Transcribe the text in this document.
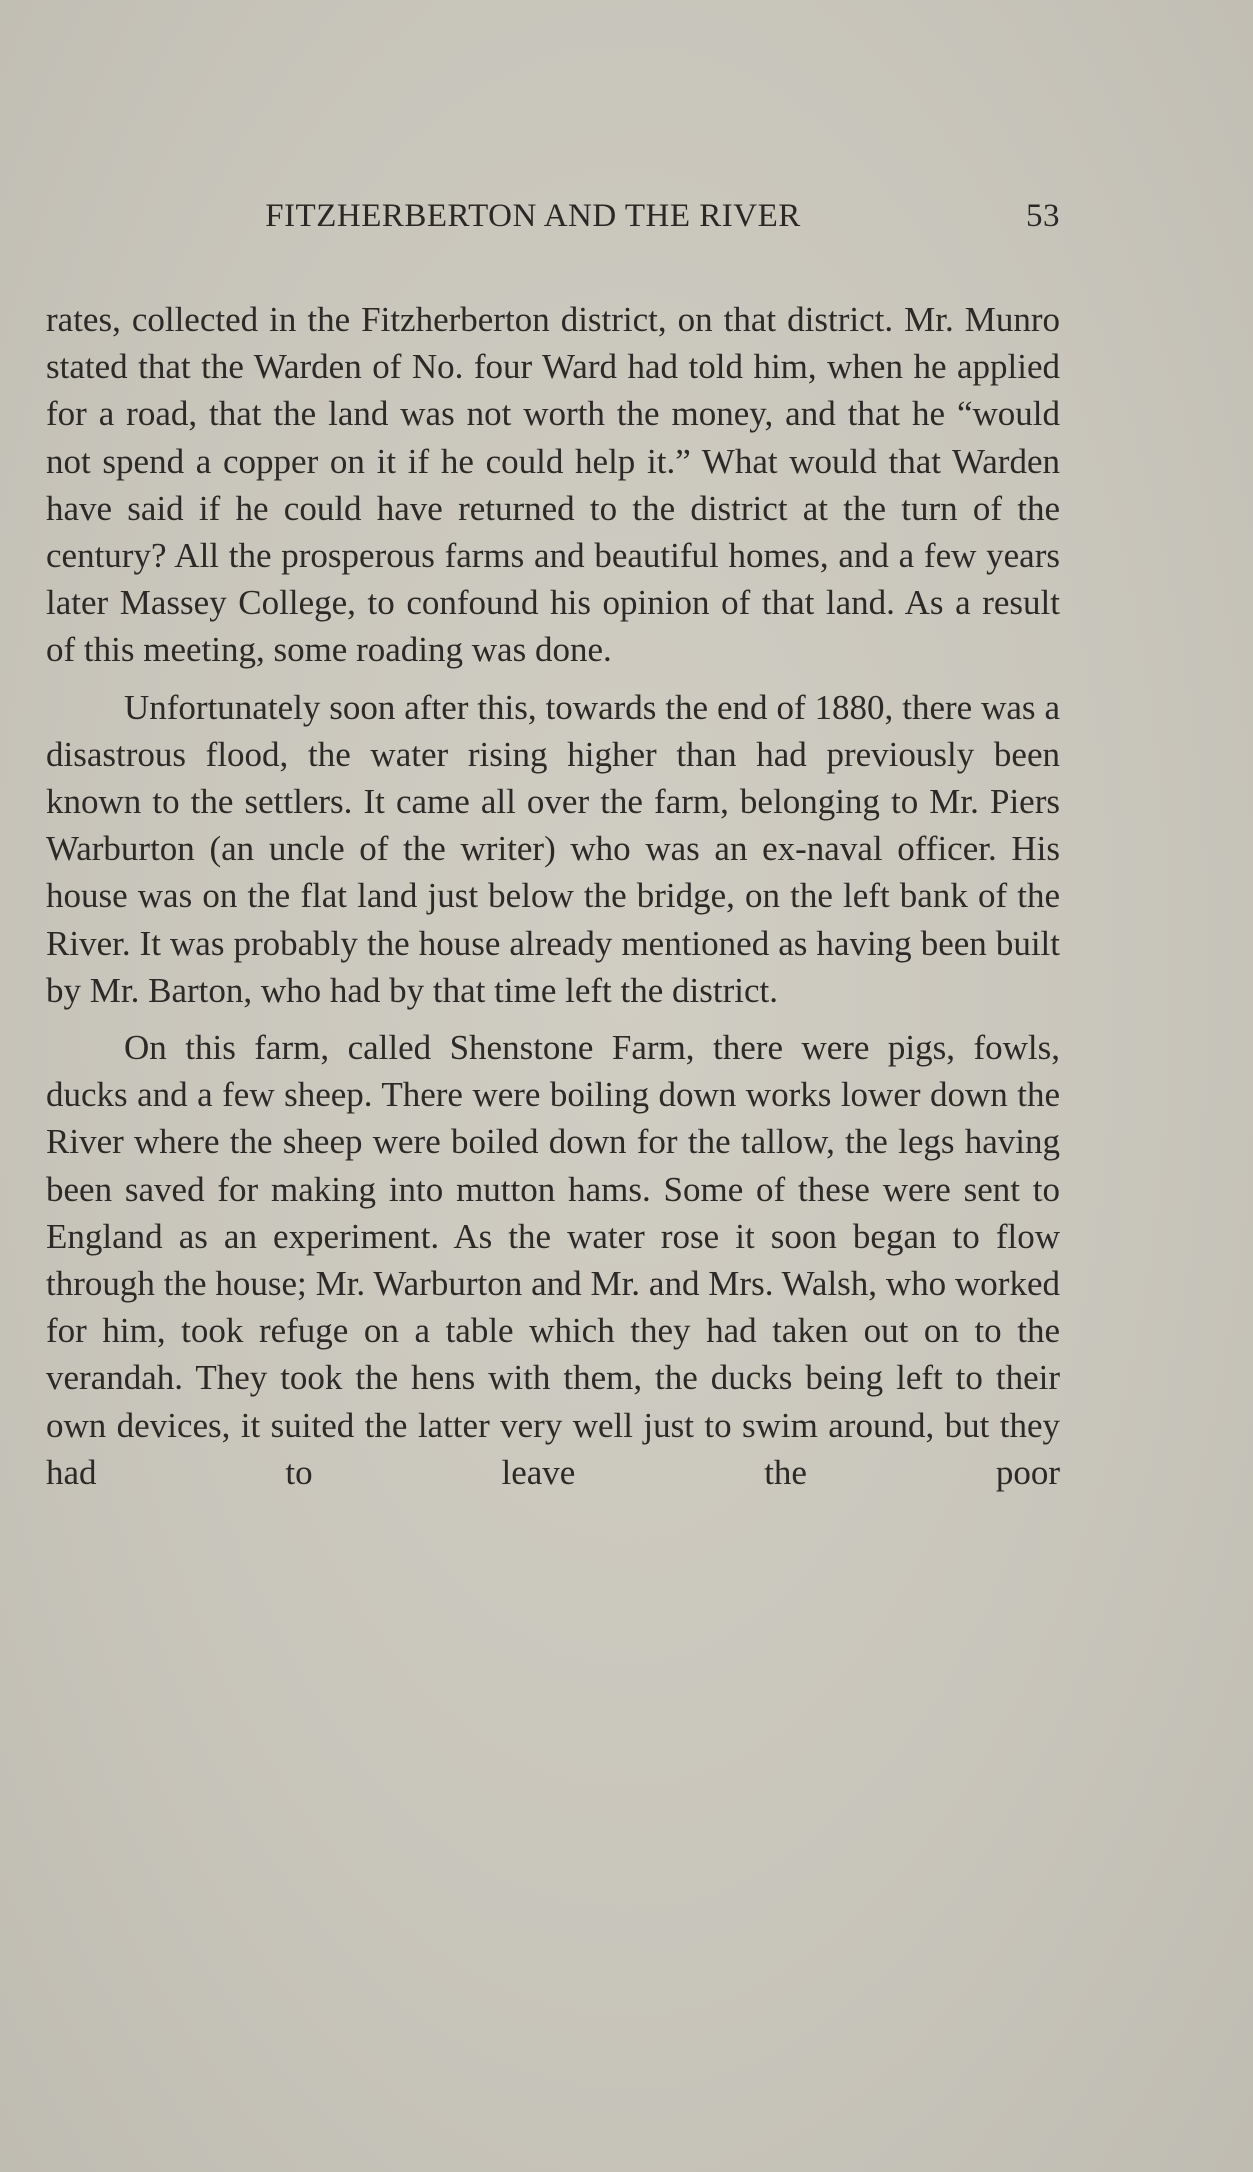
FITZHERBERTON AND THE RIVER	53

rates, collected in the Fitzherberton district, on that district. Mr. Munro stated that the Warden of No. four Ward had told him, when he applied for a road, that the land was not worth the money, and that he “would not spend a copper on it if he could help it.” What would that Warden have said if he could have returned to the district at the turn of the century? All the prosperous farms and beautiful homes, and a few years later Massey College, to confound his opinion of that land. As a result of this meeting, some roading was done.

Unfortunately soon after this, towards the end of 1880, there was a disastrous flood, the water rising higher than had previously been known to the settlers. It came all over the farm, belonging to Mr. Piers Warburton (an uncle of the writer) who was an ex-naval officer. His house was on the flat land just below the bridge, on the left bank of the River. It was probably the house already mentioned as having been built by Mr. Barton, who had by that time left the district.

On this farm, called Shenstone Farm, there were pigs, fowls, ducks and a few sheep. There were boiling down works lower down the River where the sheep were boiled down for the tallow, the legs having been saved for making into mutton hams. Some of these were sent to England as an experiment. As the water rose it soon began to flow through the house; Mr. Warburton and Mr. and Mrs. Walsh, who worked for him, took refuge on a table which they had taken out on to the verandah. They took the hens with them, the ducks being left to their own devices, it suited the latter very well just to swim around, but they had to leave the poor
